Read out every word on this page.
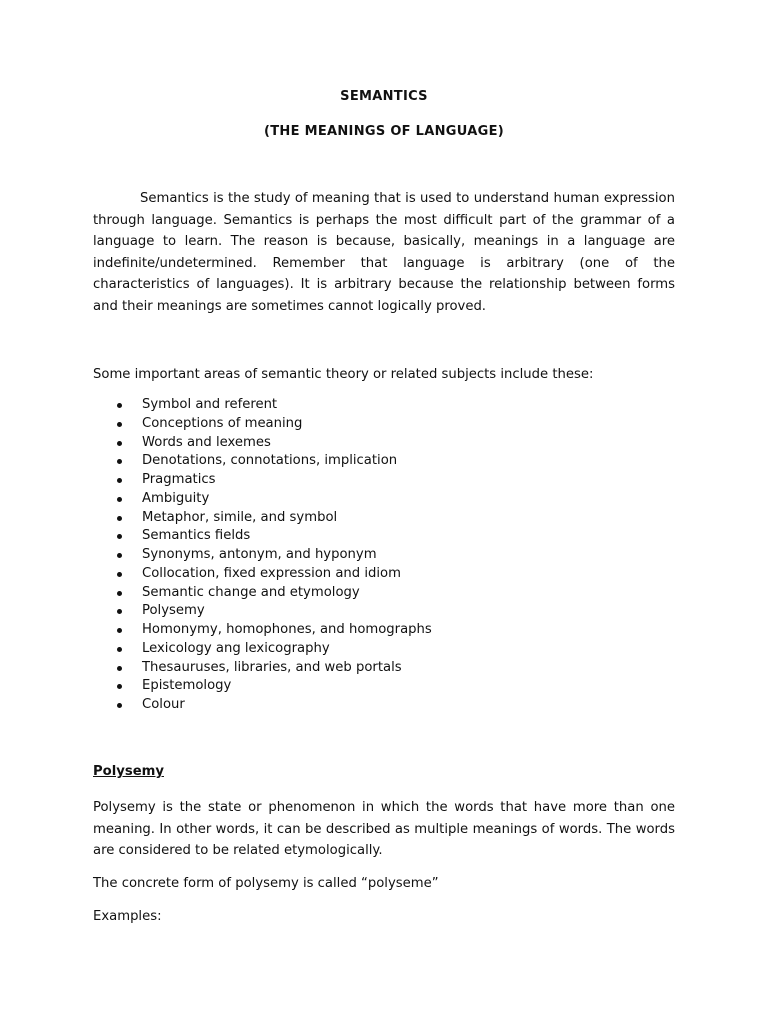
SEMANTICS
(THE MEANINGS OF LANGUAGE)

Semantics is the study of meaning that is used to understand human expression through language. Semantics is perhaps the most difficult part of the grammar of a language to learn. The reason is because, basically, meanings in a language are indefinite/undetermined. Remember that language is arbitrary (one of the characteristics of languages). It is arbitrary because the relationship between forms and their meanings are sometimes cannot logically proved.

Some important areas of semantic theory or related subjects include these:

Symbol and referent
Conceptions of meaning
Words and lexemes
Denotations, connotations, implication
Pragmatics
Ambiguity
Metaphor, simile, and symbol
Semantics fields
Synonyms, antonym, and hyponym
Collocation, fixed expression and idiom
Semantic change and etymology
Polysemy
Homonymy, homophones, and homographs
Lexicology ang lexicography
Thesauruses, libraries, and web portals
Epistemology
Colour
Polysemy

Polysemy is the state or phenomenon in which the words that have more than one meaning. In other words, it can be described as multiple meanings of words. The words are considered to be related etymologically.

The concrete form of polysemy is called “polyseme”

Examples:
